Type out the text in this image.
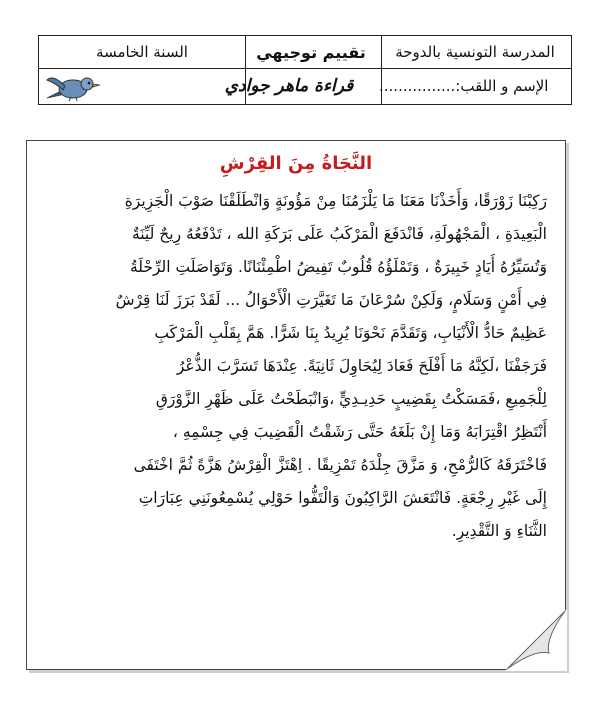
المدرسة التونسية بالدوحة
تقييم توجيهي
السنة الخامسة
الإسم و اللقب:................
قراءة ماهر جوادي
النَّجَاةُ مِنَ القِرْشِ
رَكِبْنَا زَوْرَقًا، وَأَخَذْنَا مَعَنَا مَا يَلْزَمُنَا مِنْ مَؤُونَةٍ وَانْطَلَقْنَا صَوْبَ الْجَزِيرَةِ
الْبَعِيدَةِ ، الْمَجْهُولَةِ، فَانْدَفَعَ الْمَرْكَبُ عَلَى بَرَكَةِ الله ، تَدْفَعُهُ رِيحٌ لَيِّنَةٌ
وَتُسَيِّرُهُ أَيَادٍ خَبِيرَةٌ ، وَتَمْلَؤُهُ قُلُوبٌ تَفِيضُ اطْمِئْنَانًا. وَتَوَاصَلَتِ الرِّحْلَةُ
فِي أَمْنٍ وَسَلَامٍ، وَلَكِنْ سُرْعَانَ مَا تَغَيَّرَتِ الْأَحْوَالُ ... لَقَدْ بَرَزَ لَنَا قِرْشٌ
عَظِيمٌ حَادُّ الْأَنْيَابِ، وَتَقَدَّمَ نَحْوَنَا يُرِيدُ بِنَا شَرًّا. هَمَّ بِقَلْبِ الْمَرْكَبِ
فَرَجَفْنَا ،لَكِنَّهُ مَا أَفْلَحَ فَعَادَ لِيُحَاوِلَ ثَانِيَةً. عِنْدَهَا تَسَرَّبَ الذُّعْرُ
لِلْجَمِيعِ ،فَمَسَكْتُ بِقَضِيبٍ حَدِيـدِيٍّ ،وَانْبَطَحْتُ عَلَى ظَهْرِ الزَّوْرَقِ
أَنْتَظِرُ اقْتِرَابَهُ وَمَا إِنْ بَلَغَهُ حَتَّى رَشَقْتُ الْقَضِيبَ فِي جِسْمِهِ ،
فَاخْتَرَقَهُ كَالرُّمْحِ، وَ مَزَّقَ جِلْدَهُ تَمْزِيقًا . اِهْتَزَّ الْقِرْشُ هَزَّةً ثُمَّ اخْتَفَى
إِلَى غَيْرِ رِجْعَةٍ. فَانْتَعَشَ الرَّاكِبُونَ وَالْتَفُّوا حَوْلِي يُسْمِعُونَنِي عِبَارَاتِ
الثَّنَاءِ وَ التَّقْدِيرِ.
